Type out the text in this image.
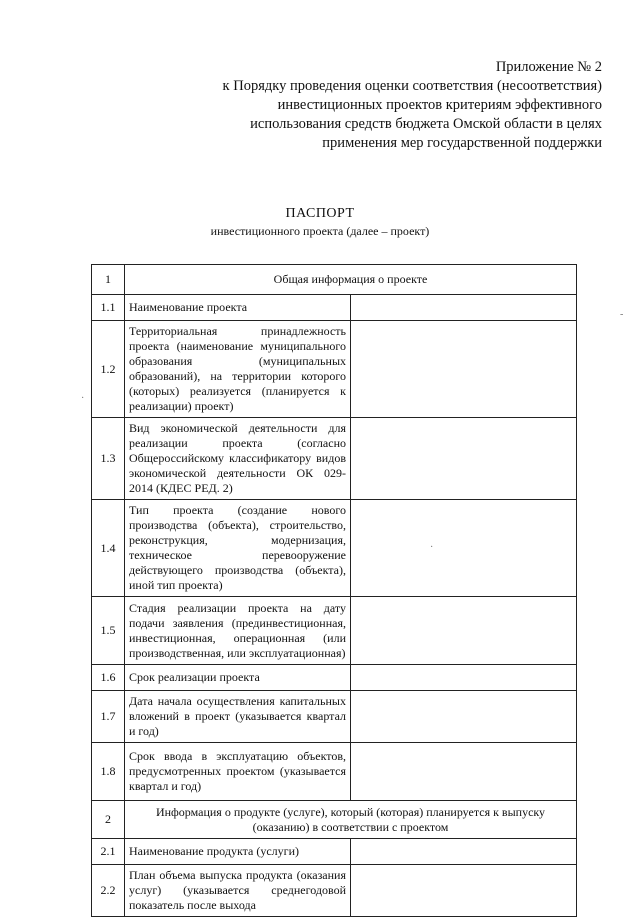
Приложение № 2
к Порядку проведения оценки соответствия (несоответствия)
инвестиционных проектов критериям эффективного
использования средств бюджета Омской области в целях
применения мер государственной поддержки
ПАСПОРТ
инвестиционного проекта (далее – проект)
1	Общая информация о проекте	
1.1	Наименование проекта	
1.2	Территориальная принадлежность проекта (наименование муниципального образования (муниципальных образований), на территории которого (которых) реализуется (планируется к реализации) проект)	
1.3	Вид экономической деятельности для реализации проекта (согласно Общероссийскому классификатору видов экономической деятельности ОК 029-2014 (КДЕС РЕД. 2)	
1.4	Тип проекта (создание нового производства (объекта), строительство, реконструкция, модернизация, техническое перевооружение действующего производства (объекта), иной тип проекта)	
1.5	Стадия реализации проекта на дату подачи заявления (прединвестиционная, инвестиционная, операционная (или производственная, или эксплуатационная)	
1.6	Срок реализации проекта	
1.7	Дата начала осуществления капитальных вложений в проект (указывается квартал и год)	
1.8	Срок ввода в эксплуатацию объектов, предусмотренных проектом (указывается квартал и год)	
2	Информация о продукте (услуге), который (которая) планируется к выпуску (оказанию) в соответствии с проектом	
2.1	Наименование продукта (услуги)	
2.2	План объема выпуска продукта (оказания услуг) (указывается среднегодовой показатель после выхода	
·
-
·
